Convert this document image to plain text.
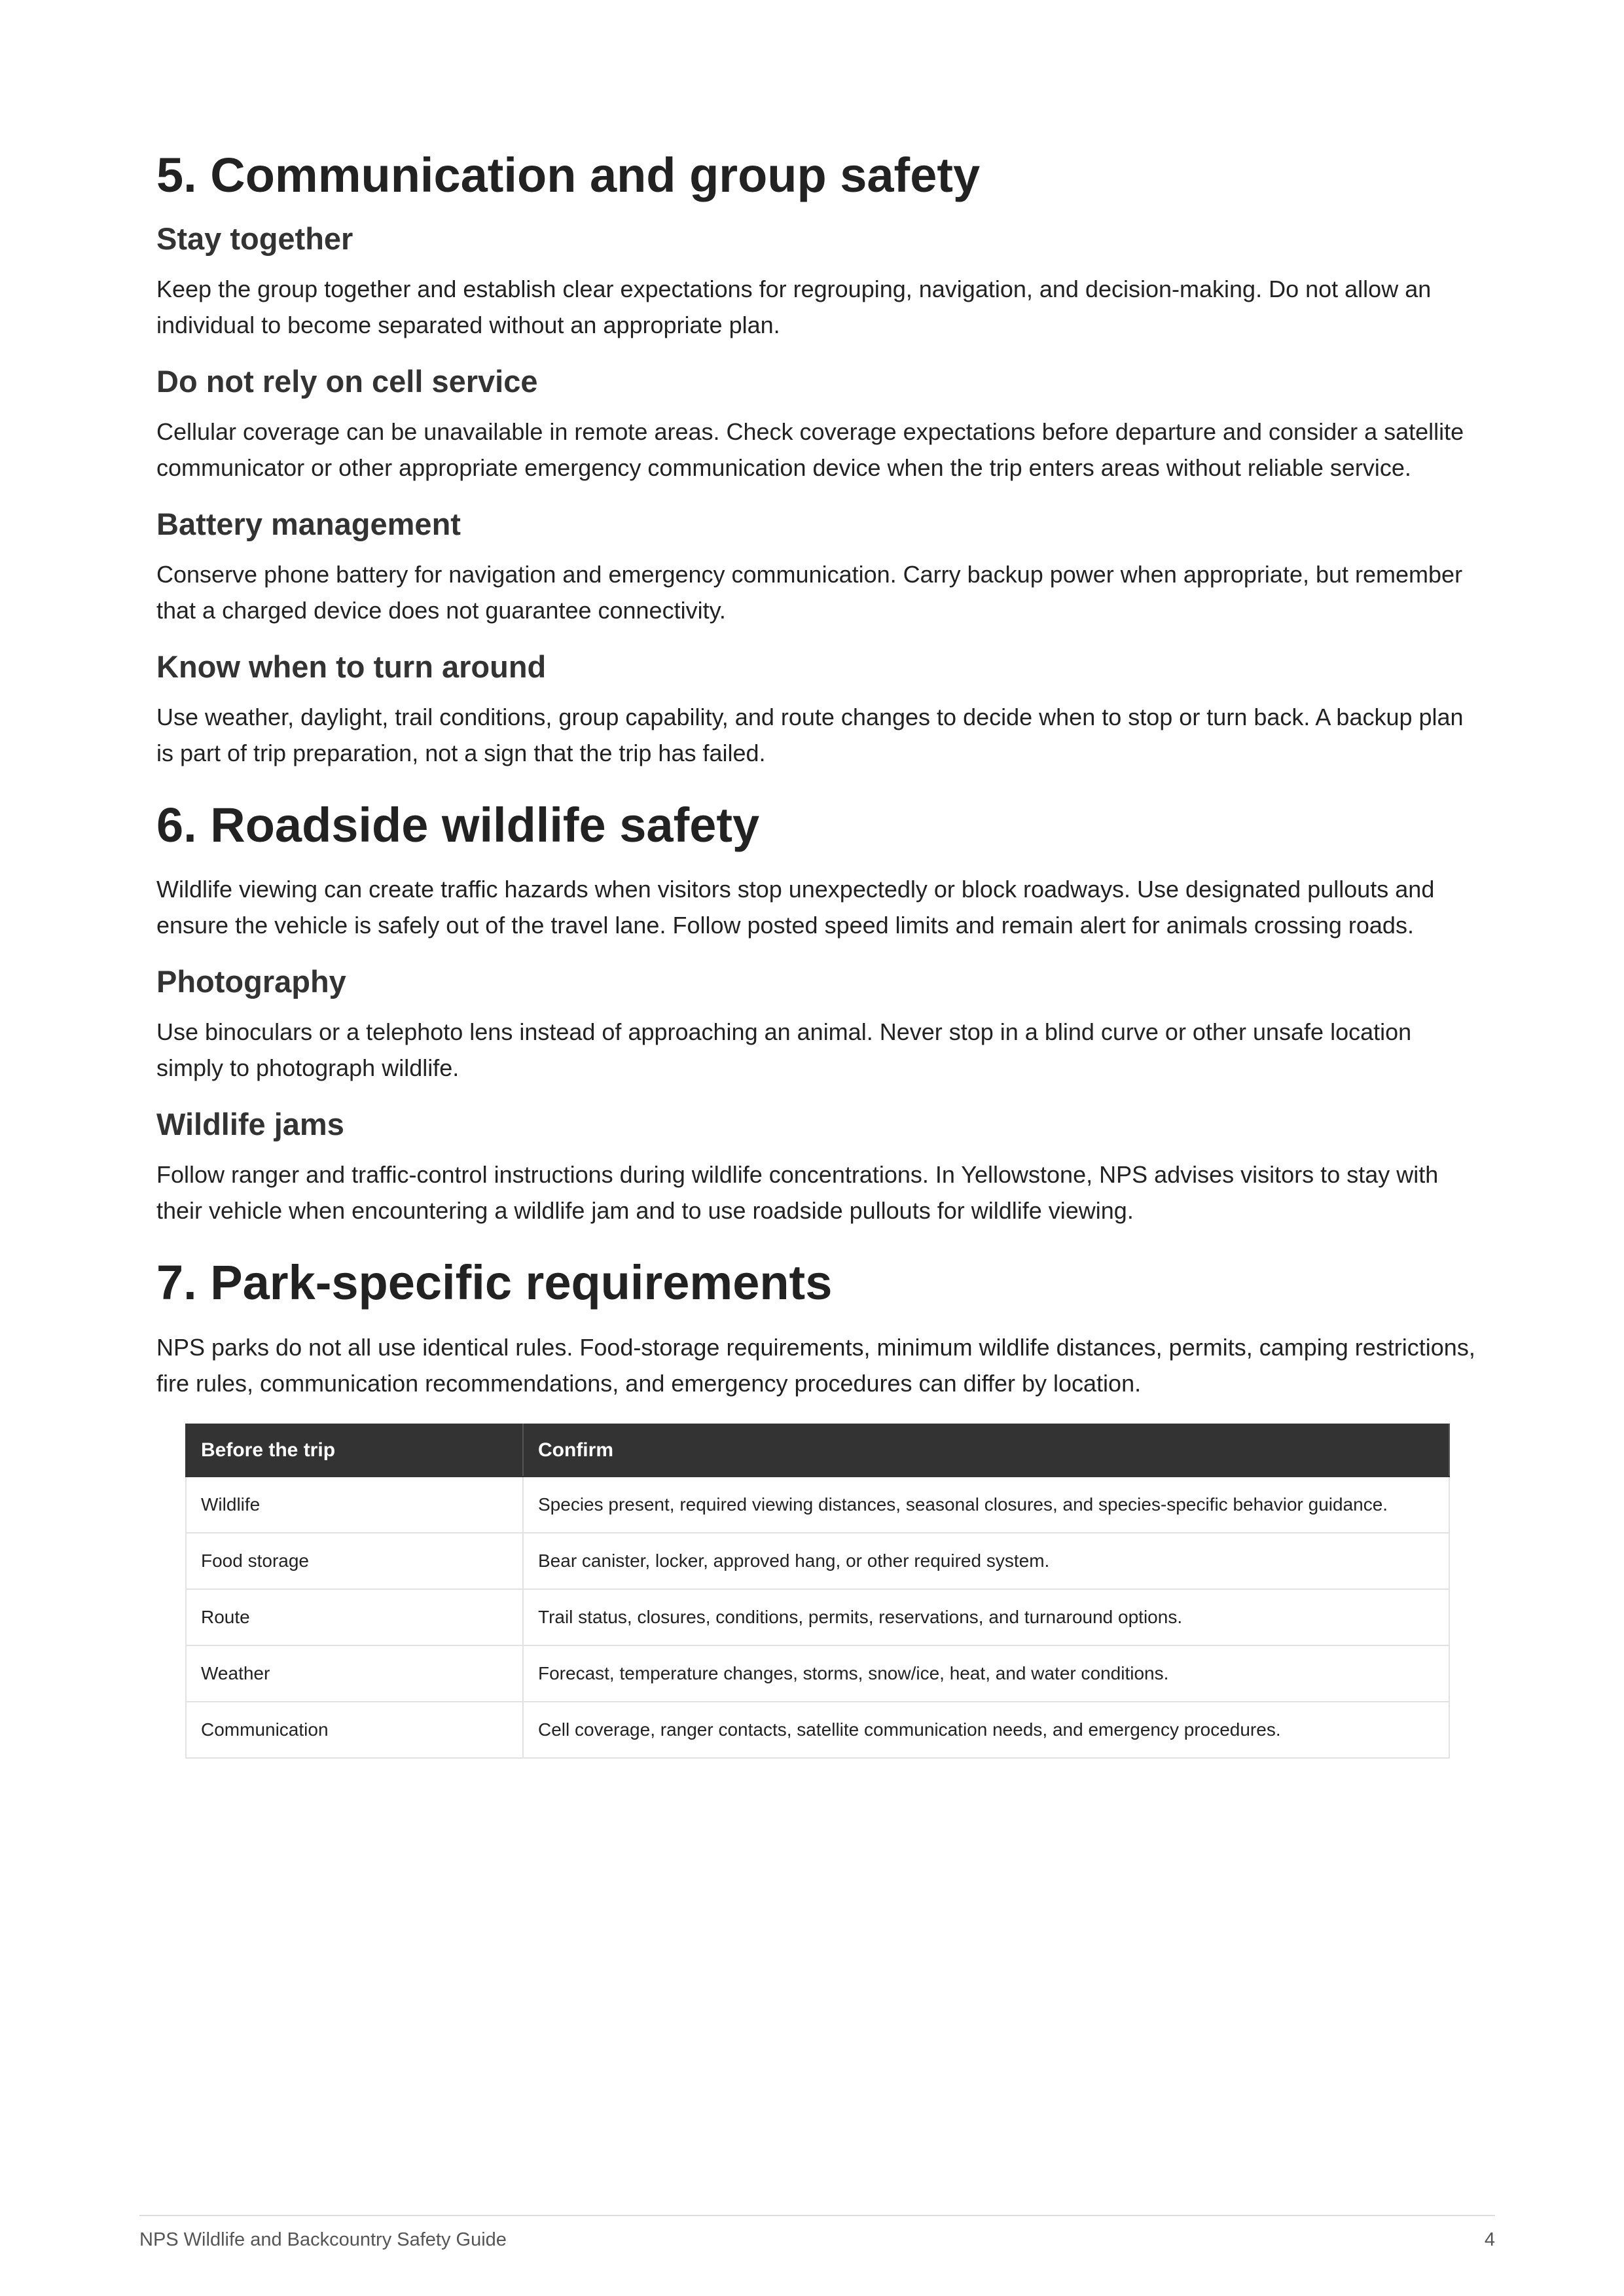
5. Communication and group safety
Stay together

Keep the group together and establish clear expectations for regrouping, navigation, and decision-making. Do not allow an individual to become separated without an appropriate plan.

Do not rely on cell service

Cellular coverage can be unavailable in remote areas. Check coverage expectations before departure and consider a satellite communicator or other appropriate emergency communication device when the trip enters areas without reliable service.

Battery management

Conserve phone battery for navigation and emergency communication. Carry backup power when appropriate, but remember that a charged device does not guarantee connectivity.

Know when to turn around

Use weather, daylight, trail conditions, group capability, and route changes to decide when to stop or turn back. A backup plan is part of trip preparation, not a sign that the trip has failed.

6. Roadside wildlife safety

Wildlife viewing can create traffic hazards when visitors stop unexpectedly or block roadways. Use designated pullouts and ensure the vehicle is safely out of the travel lane. Follow posted speed limits and remain alert for animals crossing roads.

Photography

Use binoculars or a telephoto lens instead of approaching an animal. Never stop in a blind curve or other unsafe location simply to photograph wildlife.

Wildlife jams

Follow ranger and traffic-control instructions during wildlife concentrations. In Yellowstone, NPS advises visitors to stay with their vehicle when encountering a wildlife jam and to use roadside pullouts for wildlife viewing.

7. Park-specific requirements

NPS parks do not all use identical rules. Food-storage requirements, minimum wildlife distances, permits, camping restrictions, fire rules, communication recommendations, and emergency procedures can differ by location.

Before the trip	Confirm
Wildlife	Species present, required viewing distances, seasonal closures, and species-specific behavior guidance.
Food storage	Bear canister, locker, approved hang, or other required system.
Route	Trail status, closures, conditions, permits, reservations, and turnaround options.
Weather	Forecast, temperature changes, storms, snow/ice, heat, and water conditions.
Communication	Cell coverage, ranger contacts, satellite communication needs, and emergency procedures.
NPS Wildlife and Backcountry Safety Guide	4
